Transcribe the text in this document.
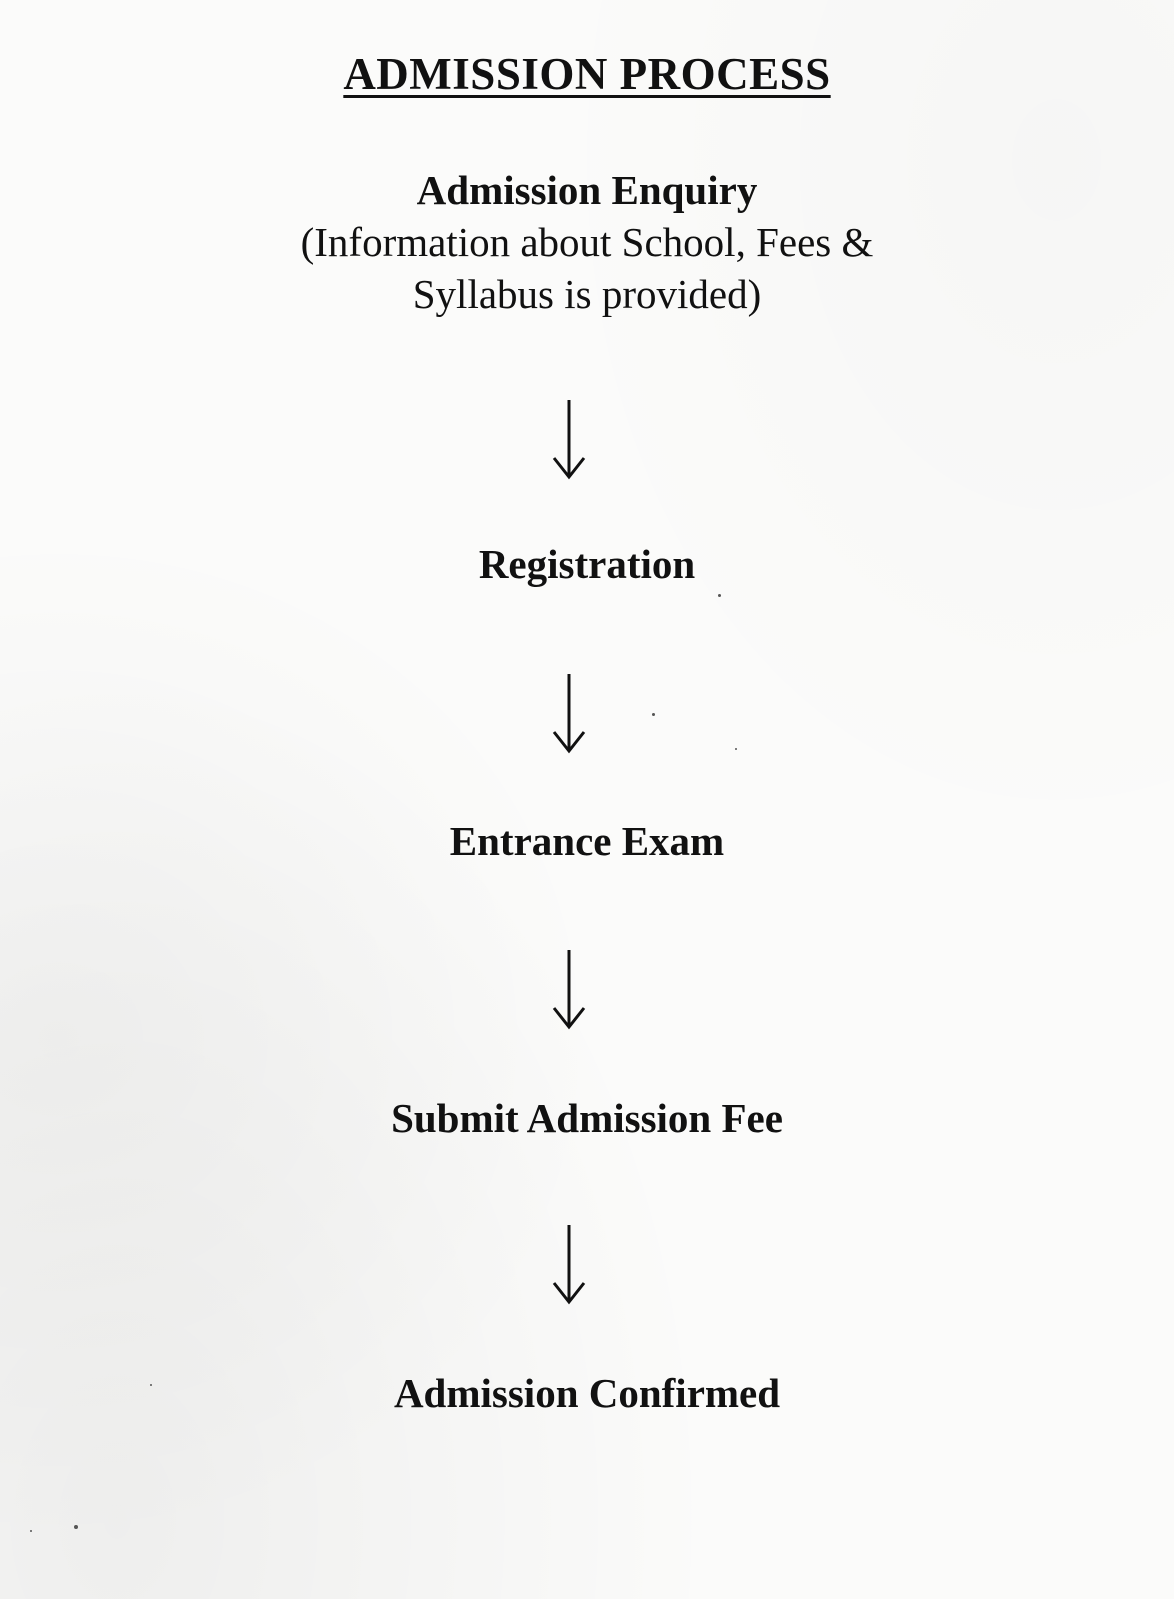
ADMISSION PROCESS
Admission Enquiry
(Information about School, Fees &
Syllabus is provided)
Registration
Entrance Exam
Submit Admission Fee
Admission Confirmed
